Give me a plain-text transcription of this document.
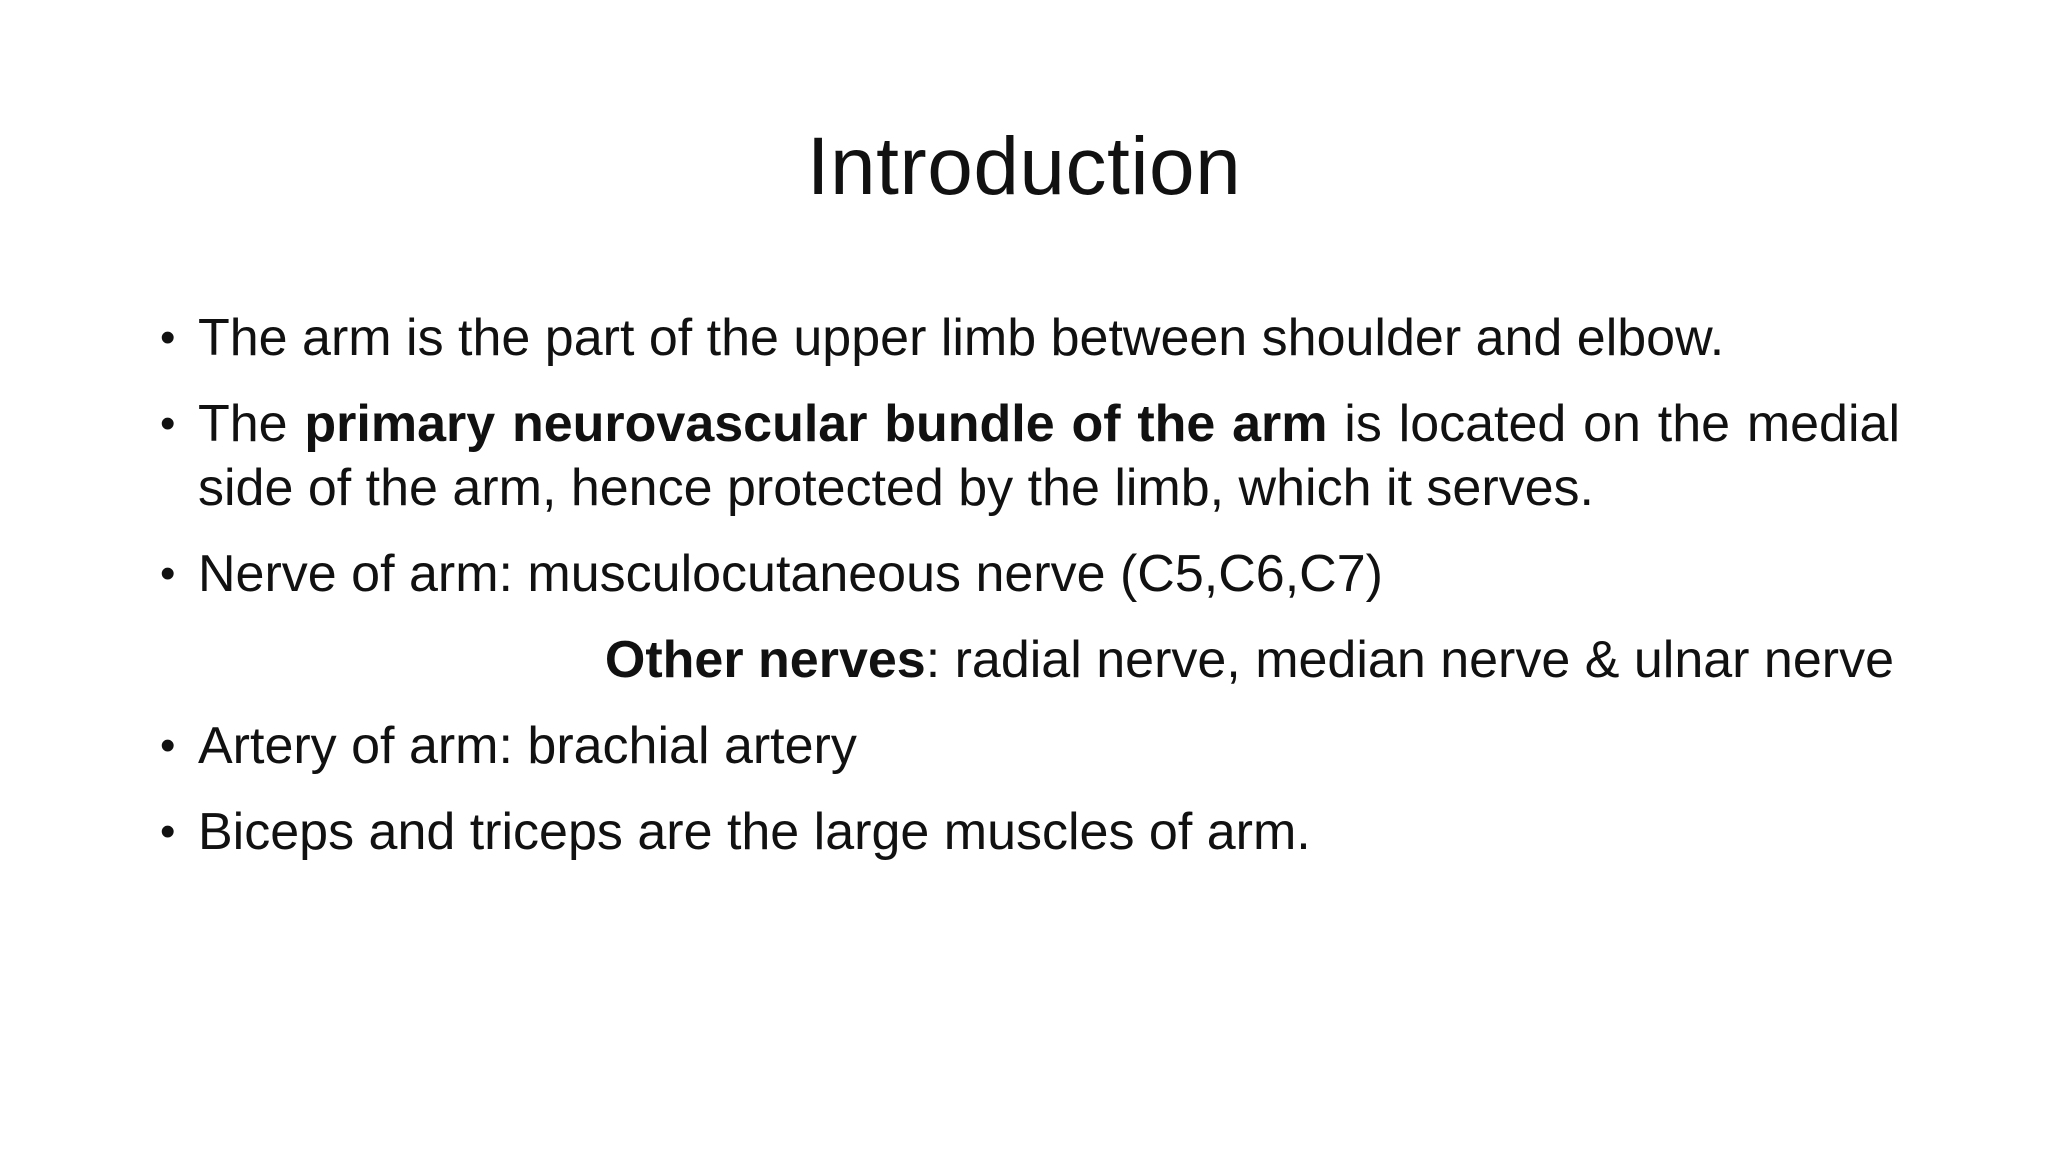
Introduction
• The arm is the part of the upper limb between shoulder and elbow.
• The primary neurovascular bundle of the arm is located on the medial side of the arm, hence protected by the limb, which it serves.
• Nerve of arm: musculocutaneous nerve (C5,C6,C7)
Other nerves: radial nerve, median nerve & ulnar nerve
• Artery of arm: brachial artery
• Biceps and triceps are the large muscles of arm.
